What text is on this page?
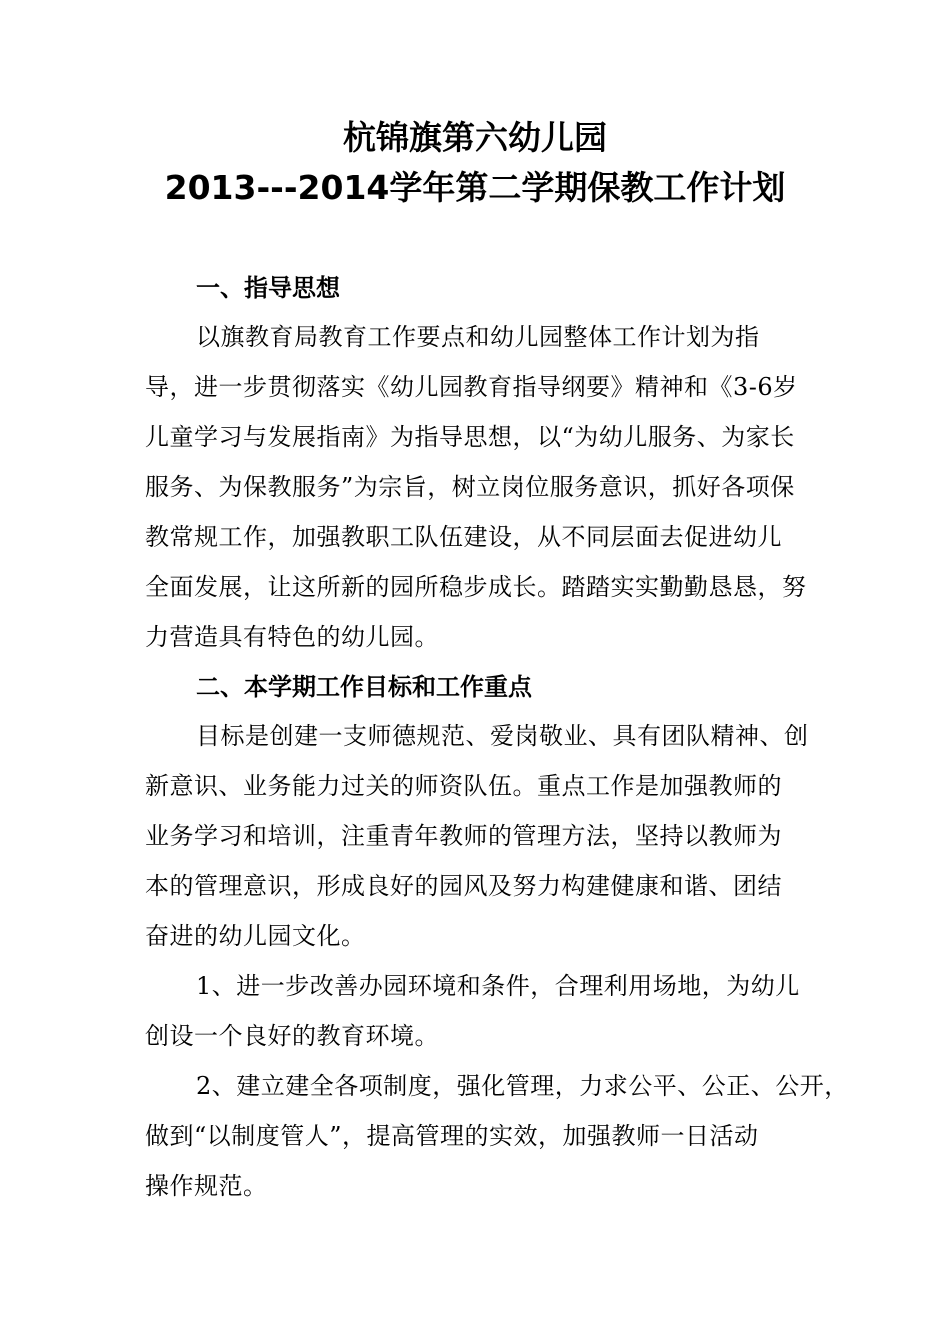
杭锦旗第六幼儿园
2013---2014学年第二学期保教工作计划
一、指导思想
以旗教育局教育工作要点和幼儿园整体工作计划为指
导，进一步贯彻落实《幼儿园教育指导纲要》精神和《3-6岁
儿童学习与发展指南》为指导思想，以“为幼儿服务、为家长
服务、为保教服务”为宗旨，树立岗位服务意识，抓好各项保
教常规工作，加强教职工队伍建设，从不同层面去促进幼儿
全面发展，让这所新的园所稳步成长。踏踏实实勤勤恳恳，努
力营造具有特色的幼儿园。
二、本学期工作目标和工作重点
目标是创建一支师德规范、爱岗敬业、具有团队精神、创
新意识、业务能力过关的师资队伍。重点工作是加强教师的
业务学习和培训，注重青年教师的管理方法，坚持以教师为
本的管理意识，形成良好的园风及努力构建健康和谐、团结
奋进的幼儿园文化。
1、进一步改善办园环境和条件，合理利用场地，为幼儿
创设一个良好的教育环境。
2、建立建全各项制度，强化管理，力求公平、公正、公开，
做到“以制度管人”，提高管理的实效，加强教师一日活动
操作规范。
